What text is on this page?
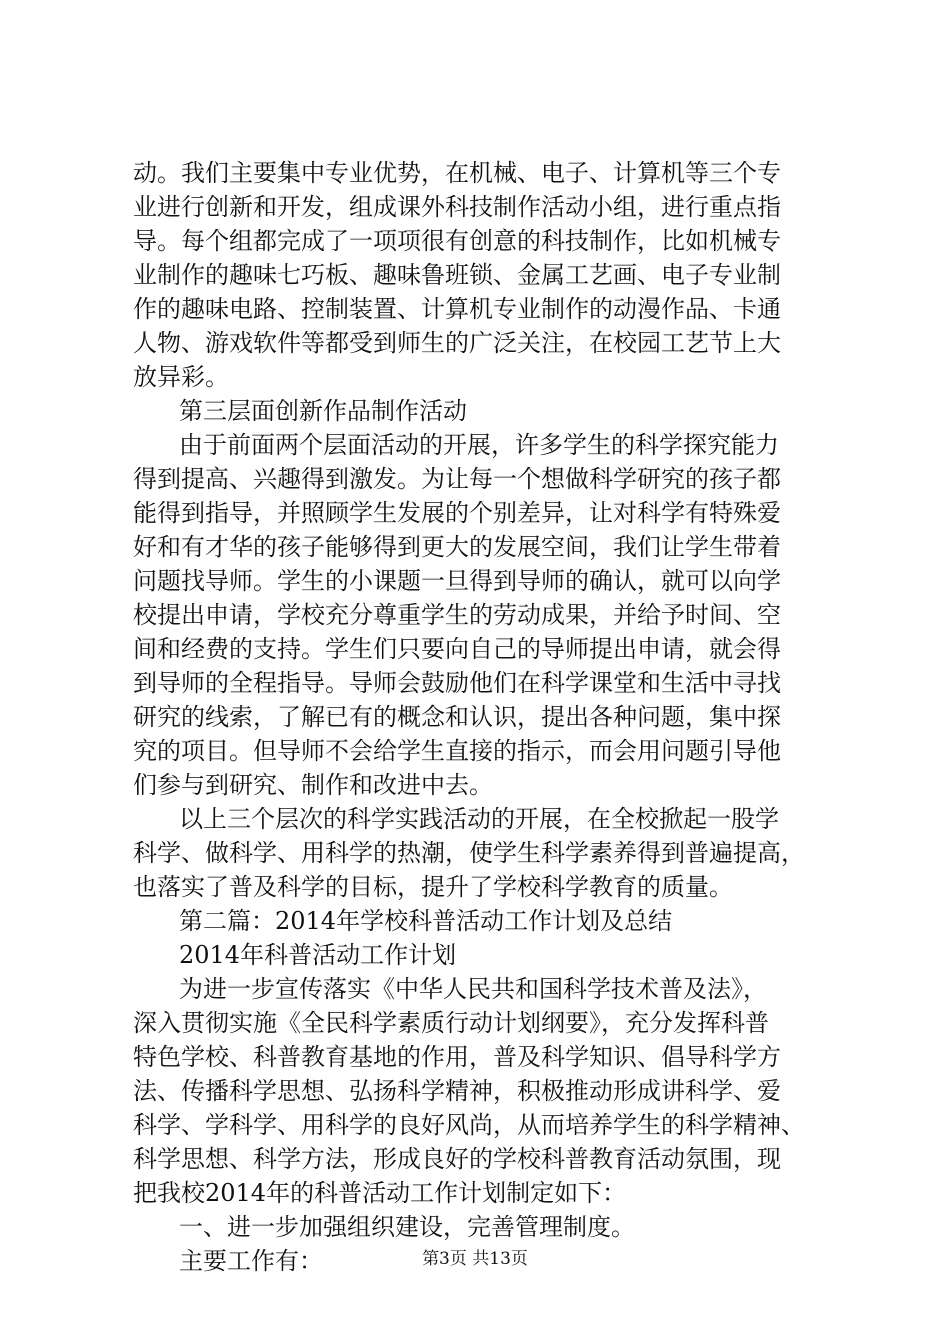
动。我们主要集中专业优势，在机械、电子、计算机等三个专
业进行创新和开发，组成课外科技制作活动小组，进行重点指
导。每个组都完成了一项项很有创意的科技制作，比如机械专
业制作的趣味七巧板、趣味鲁班锁、金属工艺画、电子专业制
作的趣味电路、控制装置、计算机专业制作的动漫作品、卡通
人物、游戏软件等都受到师生的广泛关注，在校园工艺节上大
放异彩。
第三层面创新作品制作活动
由于前面两个层面活动的开展，许多学生的科学探究能力
得到提高、兴趣得到激发。为让每一个想做科学研究的孩子都
能得到指导，并照顾学生发展的个别差异，让对科学有特殊爱
好和有才华的孩子能够得到更大的发展空间，我们让学生带着
问题找导师。学生的小课题一旦得到导师的确认，就可以向学
校提出申请，学校充分尊重学生的劳动成果，并给予时间、空
间和经费的支持。学生们只要向自己的导师提出申请，就会得
到导师的全程指导。导师会鼓励他们在科学课堂和生活中寻找
研究的线索，了解已有的概念和认识，提出各种问题，集中探
究的项目。但导师不会给学生直接的指示，而会用问题引导他
们参与到研究、制作和改进中去。
以上三个层次的科学实践活动的开展，在全校掀起一股学
科学、做科学、用科学的热潮，使学生科学素养得到普遍提高，
也落实了普及科学的目标，提升了学校科学教育的质量。
第二篇：2014年学校科普活动工作计划及总结
2014年科普活动工作计划
为进一步宣传落实《中华人民共和国科学技术普及法》，
深入贯彻实施《全民科学素质行动计划纲要》，充分发挥科普
特色学校、科普教育基地的作用，普及科学知识、倡导科学方
法、传播科学思想、弘扬科学精神，积极推动形成讲科学、爱
科学、学科学、用科学的良好风尚，从而培养学生的科学精神、
科学思想、科学方法，形成良好的学校科普教育活动氛围，现
把我校2014年的科普活动工作计划制定如下：
一、进一步加强组织建设，完善管理制度。
主要工作有：	第3页 共13页
